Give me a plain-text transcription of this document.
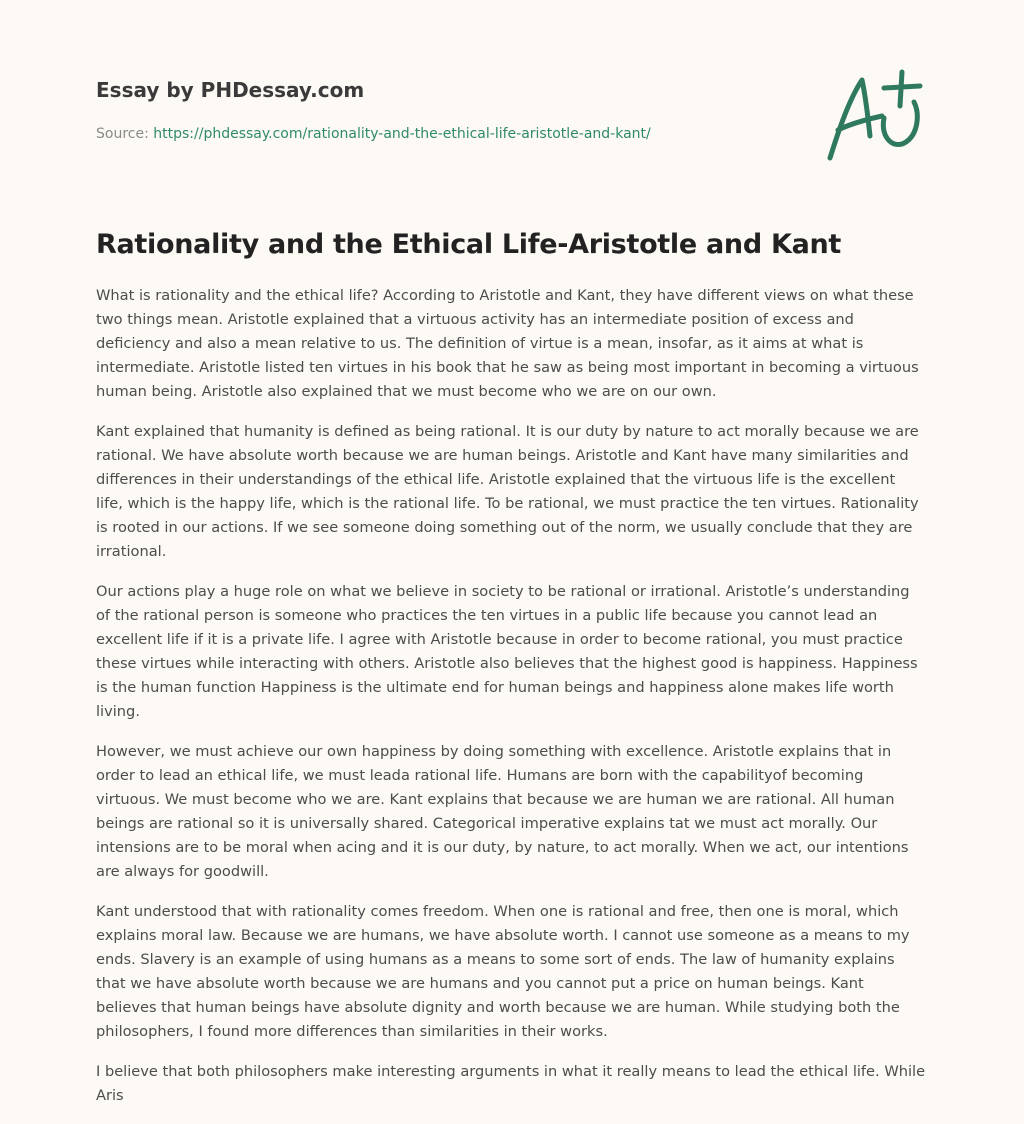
Essay by PHDessay.com
Source: https://phdessay.com/rationality-and-the-ethical-life-aristotle-and-kant/
Rationality and the Ethical Life-Aristotle and Kant

What is rationality and the ethical life? According to Aristotle and Kant, they have different views on what these two things mean. Aristotle explained that a virtuous activity has an intermediate position of excess and deficiency and also a mean relative to us. The definition of virtue is a mean, insofar, as it aims at what is intermediate. Aristotle listed ten virtues in his book that he saw as being most important in becoming a virtuous human being. Aristotle also explained that we must become who we are on our own.

Kant explained that humanity is defined as being rational. It is our duty by nature to act morally because we are rational. We have absolute worth because we are human beings. Aristotle and Kant have many similarities and differences in their understandings of the ethical life. Aristotle explained that the virtuous life is the excellent life, which is the happy life, which is the rational life. To be rational, we must practice the ten virtues. Rationality is rooted in our actions. If we see someone doing something out of the norm, we usually conclude that they are irrational.

Our actions play a huge role on what we believe in society to be rational or irrational. Aristotle’s understanding of the rational person is someone who practices the ten virtues in a public life because you cannot lead an excellent life if it is a private life. I agree with Aristotle because in order to become rational, you must practice these virtues while interacting with others. Aristotle also believes that the highest good is happiness. Happiness is the human function Happiness is the ultimate end for human beings and happiness alone makes life worth living.

However, we must achieve our own happiness by doing something with excellence. Aristotle explains that in order to lead an ethical life, we must leada rational life. Humans are born with the capabilityof becoming virtuous. We must become who we are. Kant explains that because we are human we are rational. All human beings are rational so it is universally shared. Categorical imperative explains tat we must act morally. Our intensions are to be moral when acing and it is our duty, by nature, to act morally. When we act, our intentions are always for goodwill.

Kant understood that with rationality comes freedom. When one is rational and free, then one is moral, which explains moral law. Because we are humans, we have absolute worth. I cannot use someone as a means to my ends. Slavery is an example of using humans as a means to some sort of ends. The law of humanity explains that we have absolute worth because we are humans and you cannot put a price on human beings. Kant believes that human beings have absolute dignity and worth because we are human. While studying both the philosophers, I found more differences than similarities in their works.

I believe that both philosophers make interesting arguments in what it really means to lead the ethical life. While Aris
